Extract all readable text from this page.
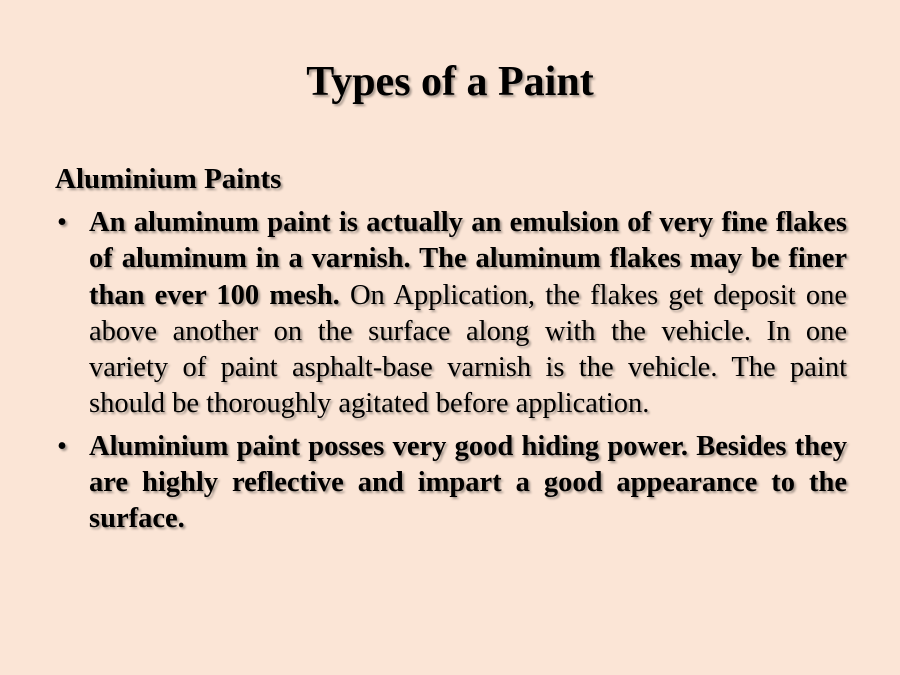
Types of a Paint
Aluminium Paints
• An aluminum paint is actually an emulsion of very fine flakes of aluminum in a varnish. The aluminum flakes may be finer than ever 100 mesh. On Application, the flakes get deposit one above another on the surface along with the vehicle. In one variety of paint asphalt-base varnish is the vehicle. The paint should be thoroughly agitated before application.
• Aluminium paint posses very good hiding power. Besides they are highly reflective and impart a good appearance to the surface.
